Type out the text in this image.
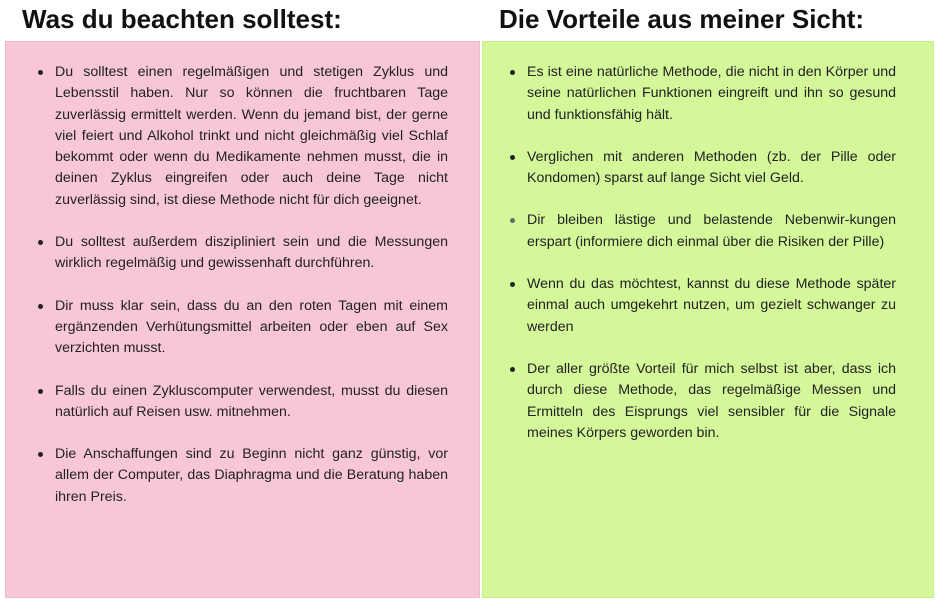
Was du beachten solltest:	Die Vorteile aus meiner Sicht:
Du solltest einen regelmäßigen und stetigen Zyklus und Lebensstil haben. Nur so können die fruchtbaren Tage zuverlässig ermittelt werden. Wenn du jemand bist, der gerne viel feiert und Alkohol trinkt und nicht gleichmäßig viel Schlaf bekommt oder wenn du Medikamente nehmen musst, die in deinen Zyklus eingreifen oder auch deine Tage nicht zuverlässig sind, ist diese Methode nicht für dich geeignet.
Du solltest außerdem diszipliniert sein und die Messungen wirklich regelmäßig und gewissenhaft durchführen.
Dir muss klar sein, dass du an den roten Tagen mit einem ergänzenden Verhütungsmittel arbeiten oder eben auf Sex verzichten musst.
Falls du einen Zykluscomputer verwendest, musst du diesen natürlich auf Reisen usw. mitnehmen.
Die Anschaffungen sind zu Beginn nicht ganz günstig, vor allem der Computer, das Diaphragma und die Beratung haben ihren Preis.
Es ist eine natürliche Methode, die nicht in den Körper und seine natürlichen Funktionen eingreift und ihn so gesund und funktionsfähig hält.
Verglichen mit anderen Methoden (zb. der Pille oder Kondomen) sparst auf lange Sicht viel Geld.
Dir bleiben lästige und belastende Nebenwir-kungen erspart (informiere dich einmal über die Risiken der Pille)
Wenn du das möchtest, kannst du diese Methode später einmal auch umgekehrt nutzen, um gezielt schwanger zu werden
Der aller größte Vorteil für mich selbst ist aber, dass ich durch diese Methode, das regelmäßige Messen und Ermitteln des Eisprungs viel sensibler für die Signale meines Körpers geworden bin.
